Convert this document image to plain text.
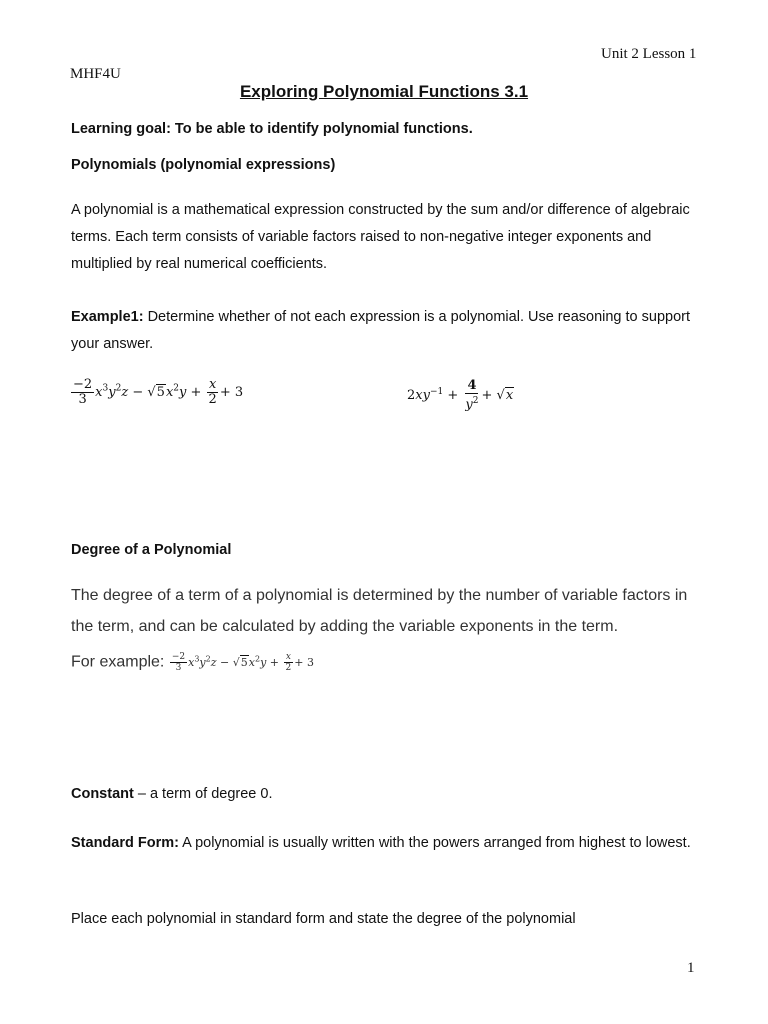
Unit 2 Lesson 1
MHF4U
Exploring Polynomial Functions 3.1
Learning goal: To be able to identify polynomial functions.
Polynomials (polynomial expressions)
A polynomial is a mathematical expression constructed by the sum and/or difference of algebraic terms. Each term consists of variable factors raised to non-negative integer exponents and multiplied by real numerical coefficients.
Example1: Determine whether of not each expression is a polynomial. Use reasoning to support your answer.
$\frac{-2}{3} x^3y^2z - √5x^2y + \frac{x}{2} + 3$	$2xy^{-1} + \frac{4}{y^2} + √x$
Degree of a Polynomial
The degree of a term of a polynomial is determined by the number of variable factors in the term, and can be calculated by adding the variable exponents in the term.
For example: $\frac{-2}{3} x^3y^2z - √5x^2y + \frac{x}{2} + 3$
Constant – a term of degree 0.
Standard Form: A polynomial is usually written with the powers arranged from highest to lowest.
Place each polynomial in standard form and state the degree of the polynomial
1
